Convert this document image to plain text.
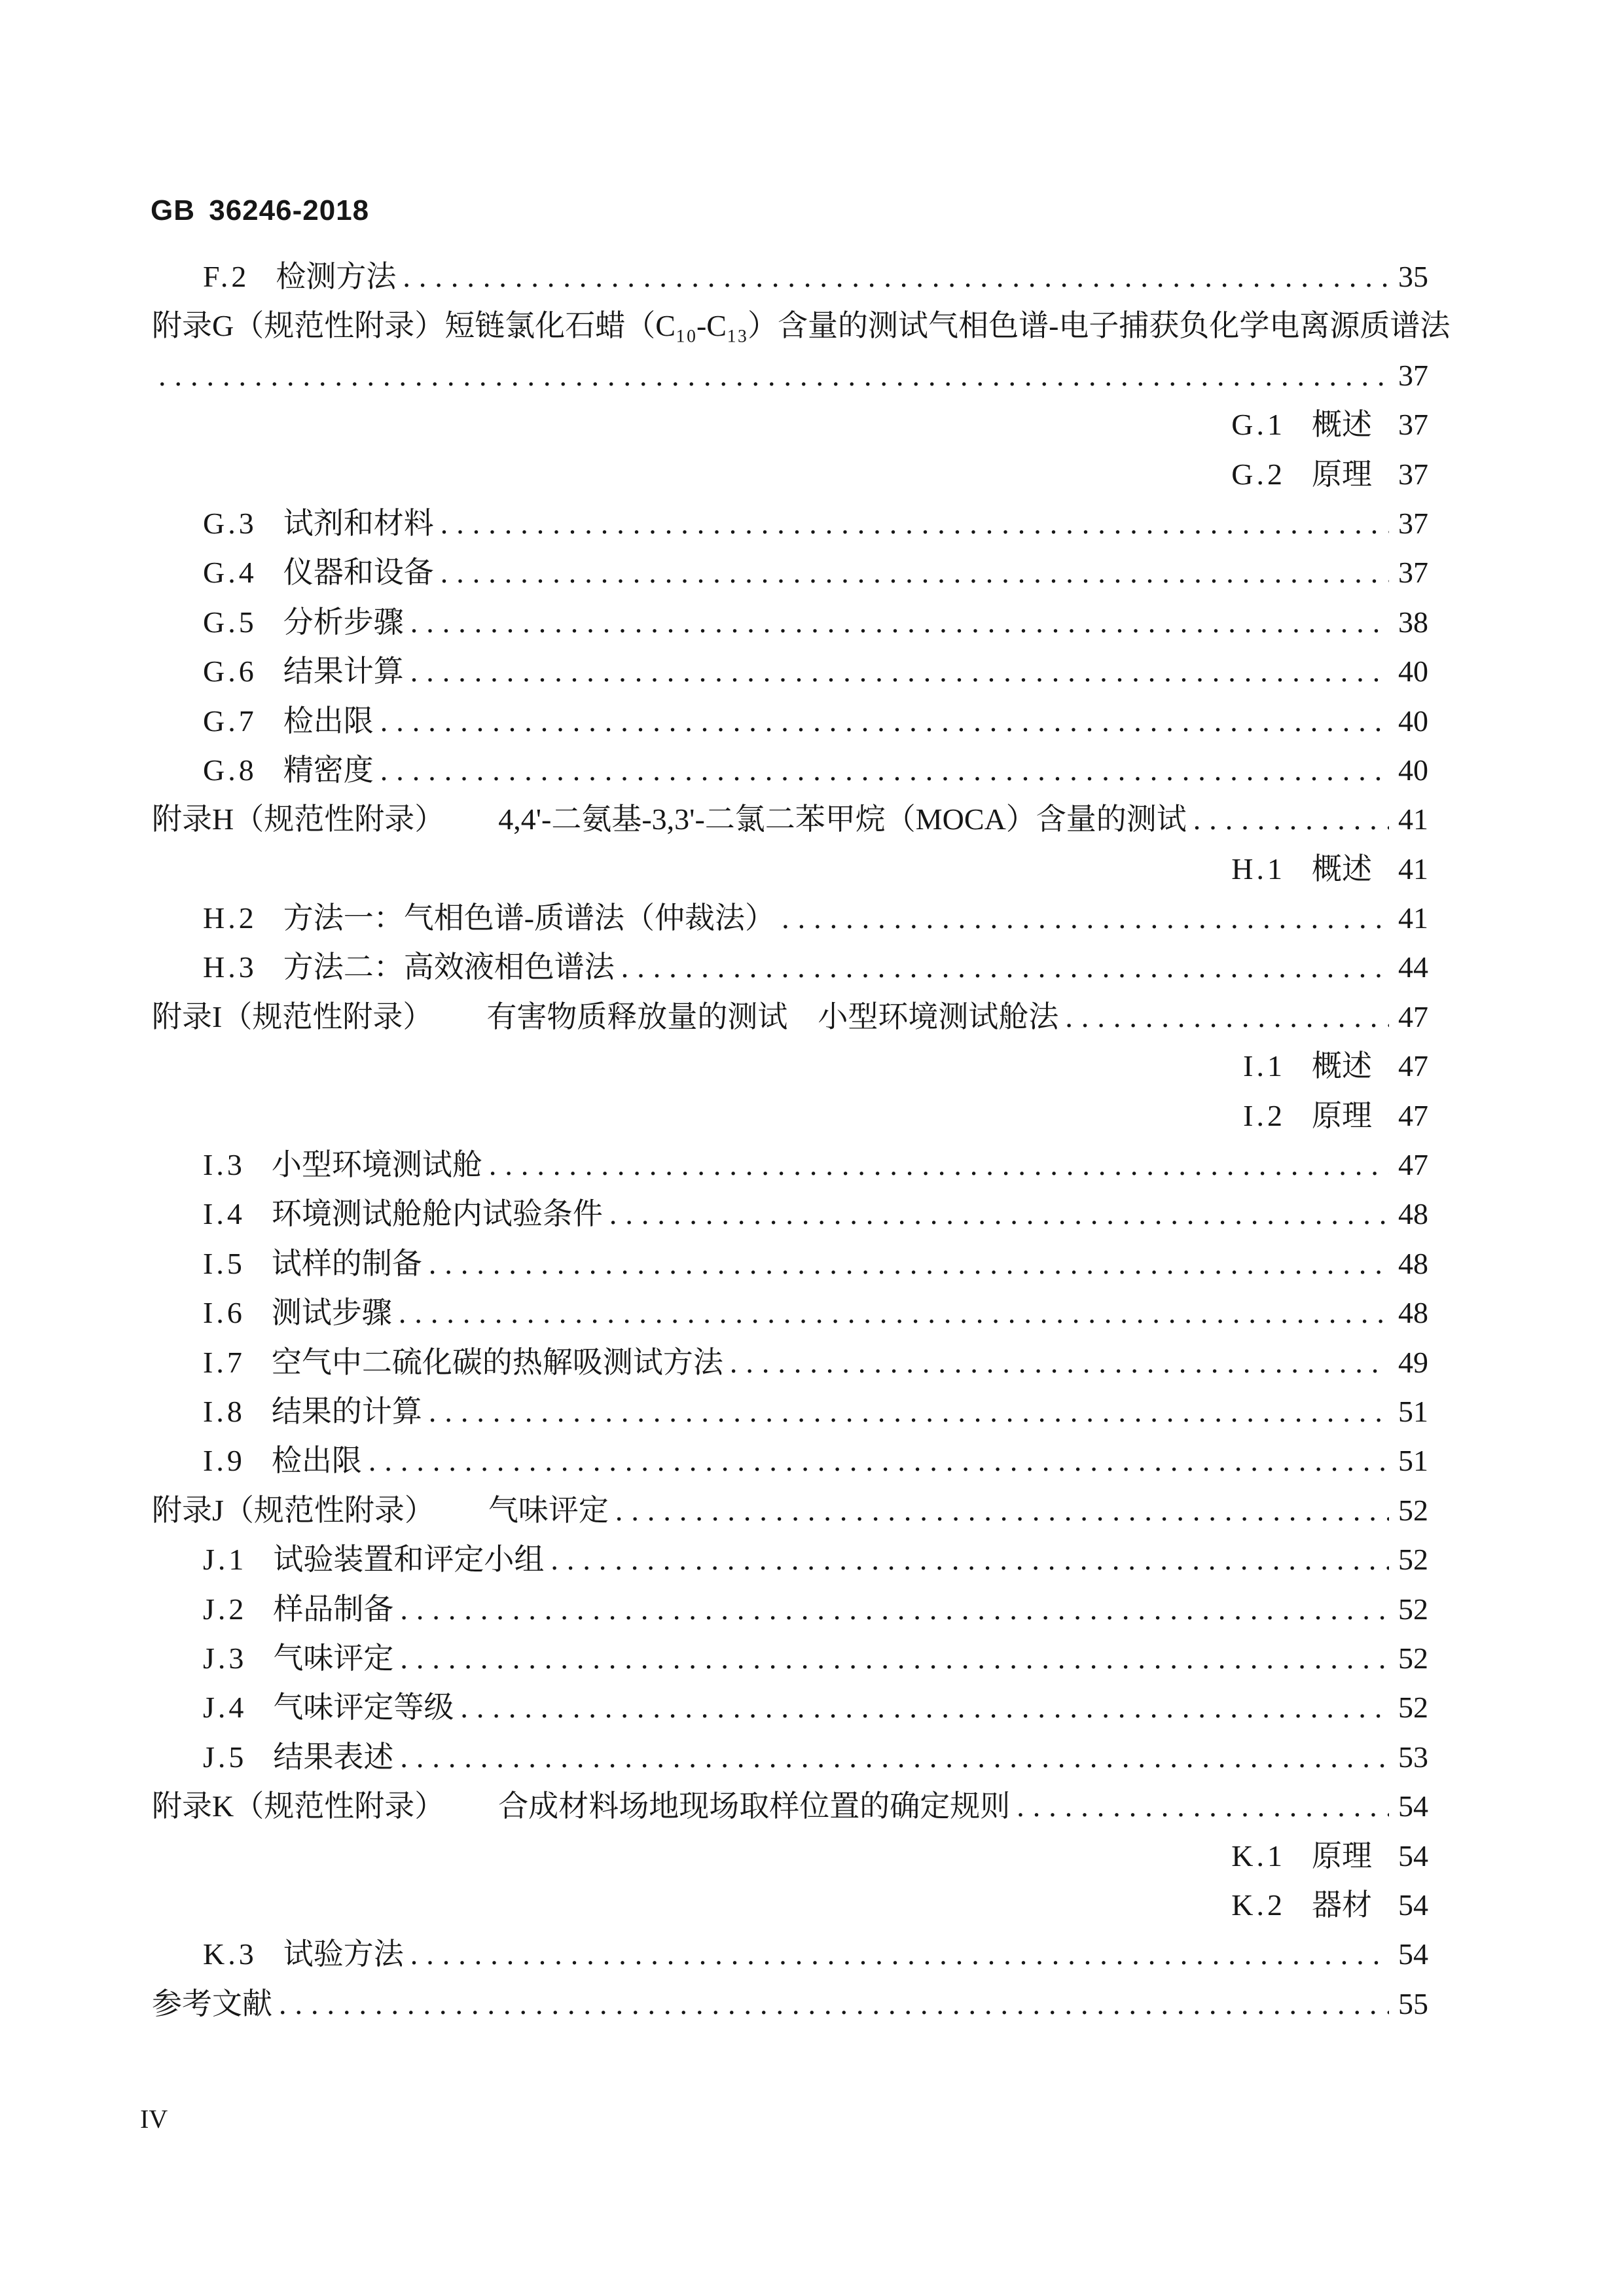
GB 36246-2018
F.2 检测方法 .....	35
附录G（规范性附录）短链氯化石蜡（C₁₀-C₁₃）含量的测试 气相色谱-电子捕获负化学电离源质谱法
.....
37
G.1 概述 37
G.2 原理 37
G.3 试剂和材料 .....	37
G.4 仪器和设备 .....	37
G.5 分析步骤 .....	38
G.6 结果计算 .....	40
G.7 检出限 .....	40
G.8 精密度 .....	40
附录H（规范性附录） 4,4'-二氨基-3,3'-二氯二苯甲烷（MOCA）含量的测试 .....	41
H.1 概述 41
H.2 方法一：气相色谱-质谱法（仲裁法） .....	41
H.3 方法二：高效液相色谱法 .....	44
附录I（规范性附录） 有害物质释放量的测试　小型环境测试舱法 .....	47
I.1 概述 47
I.2 原理 47
I.3 小型环境测试舱 .....	47
I.4 环境测试舱舱内试验条件 .....	48
I.5 试样的制备 .....	48
I.6 测试步骤 .....	48
I.7 空气中二硫化碳的热解吸测试方法 .....	49
I.8 结果的计算 .....	51
I.9 检出限 .....	51
附录J（规范性附录） 气味评定 .....	52
J.1 试验装置和评定小组 .....	52
J.2 样品制备 .....	52
J.3 气味评定 .....	52
J.4 气味评定等级 .....	52
J.5 结果表述 .....	53
附录K（规范性附录） 合成材料场地现场取样位置的确定规则 .....	54
K.1 原理 54
K.2 器材 54
K.3 试验方法 .....	54
参考文献 .....	55
IV
